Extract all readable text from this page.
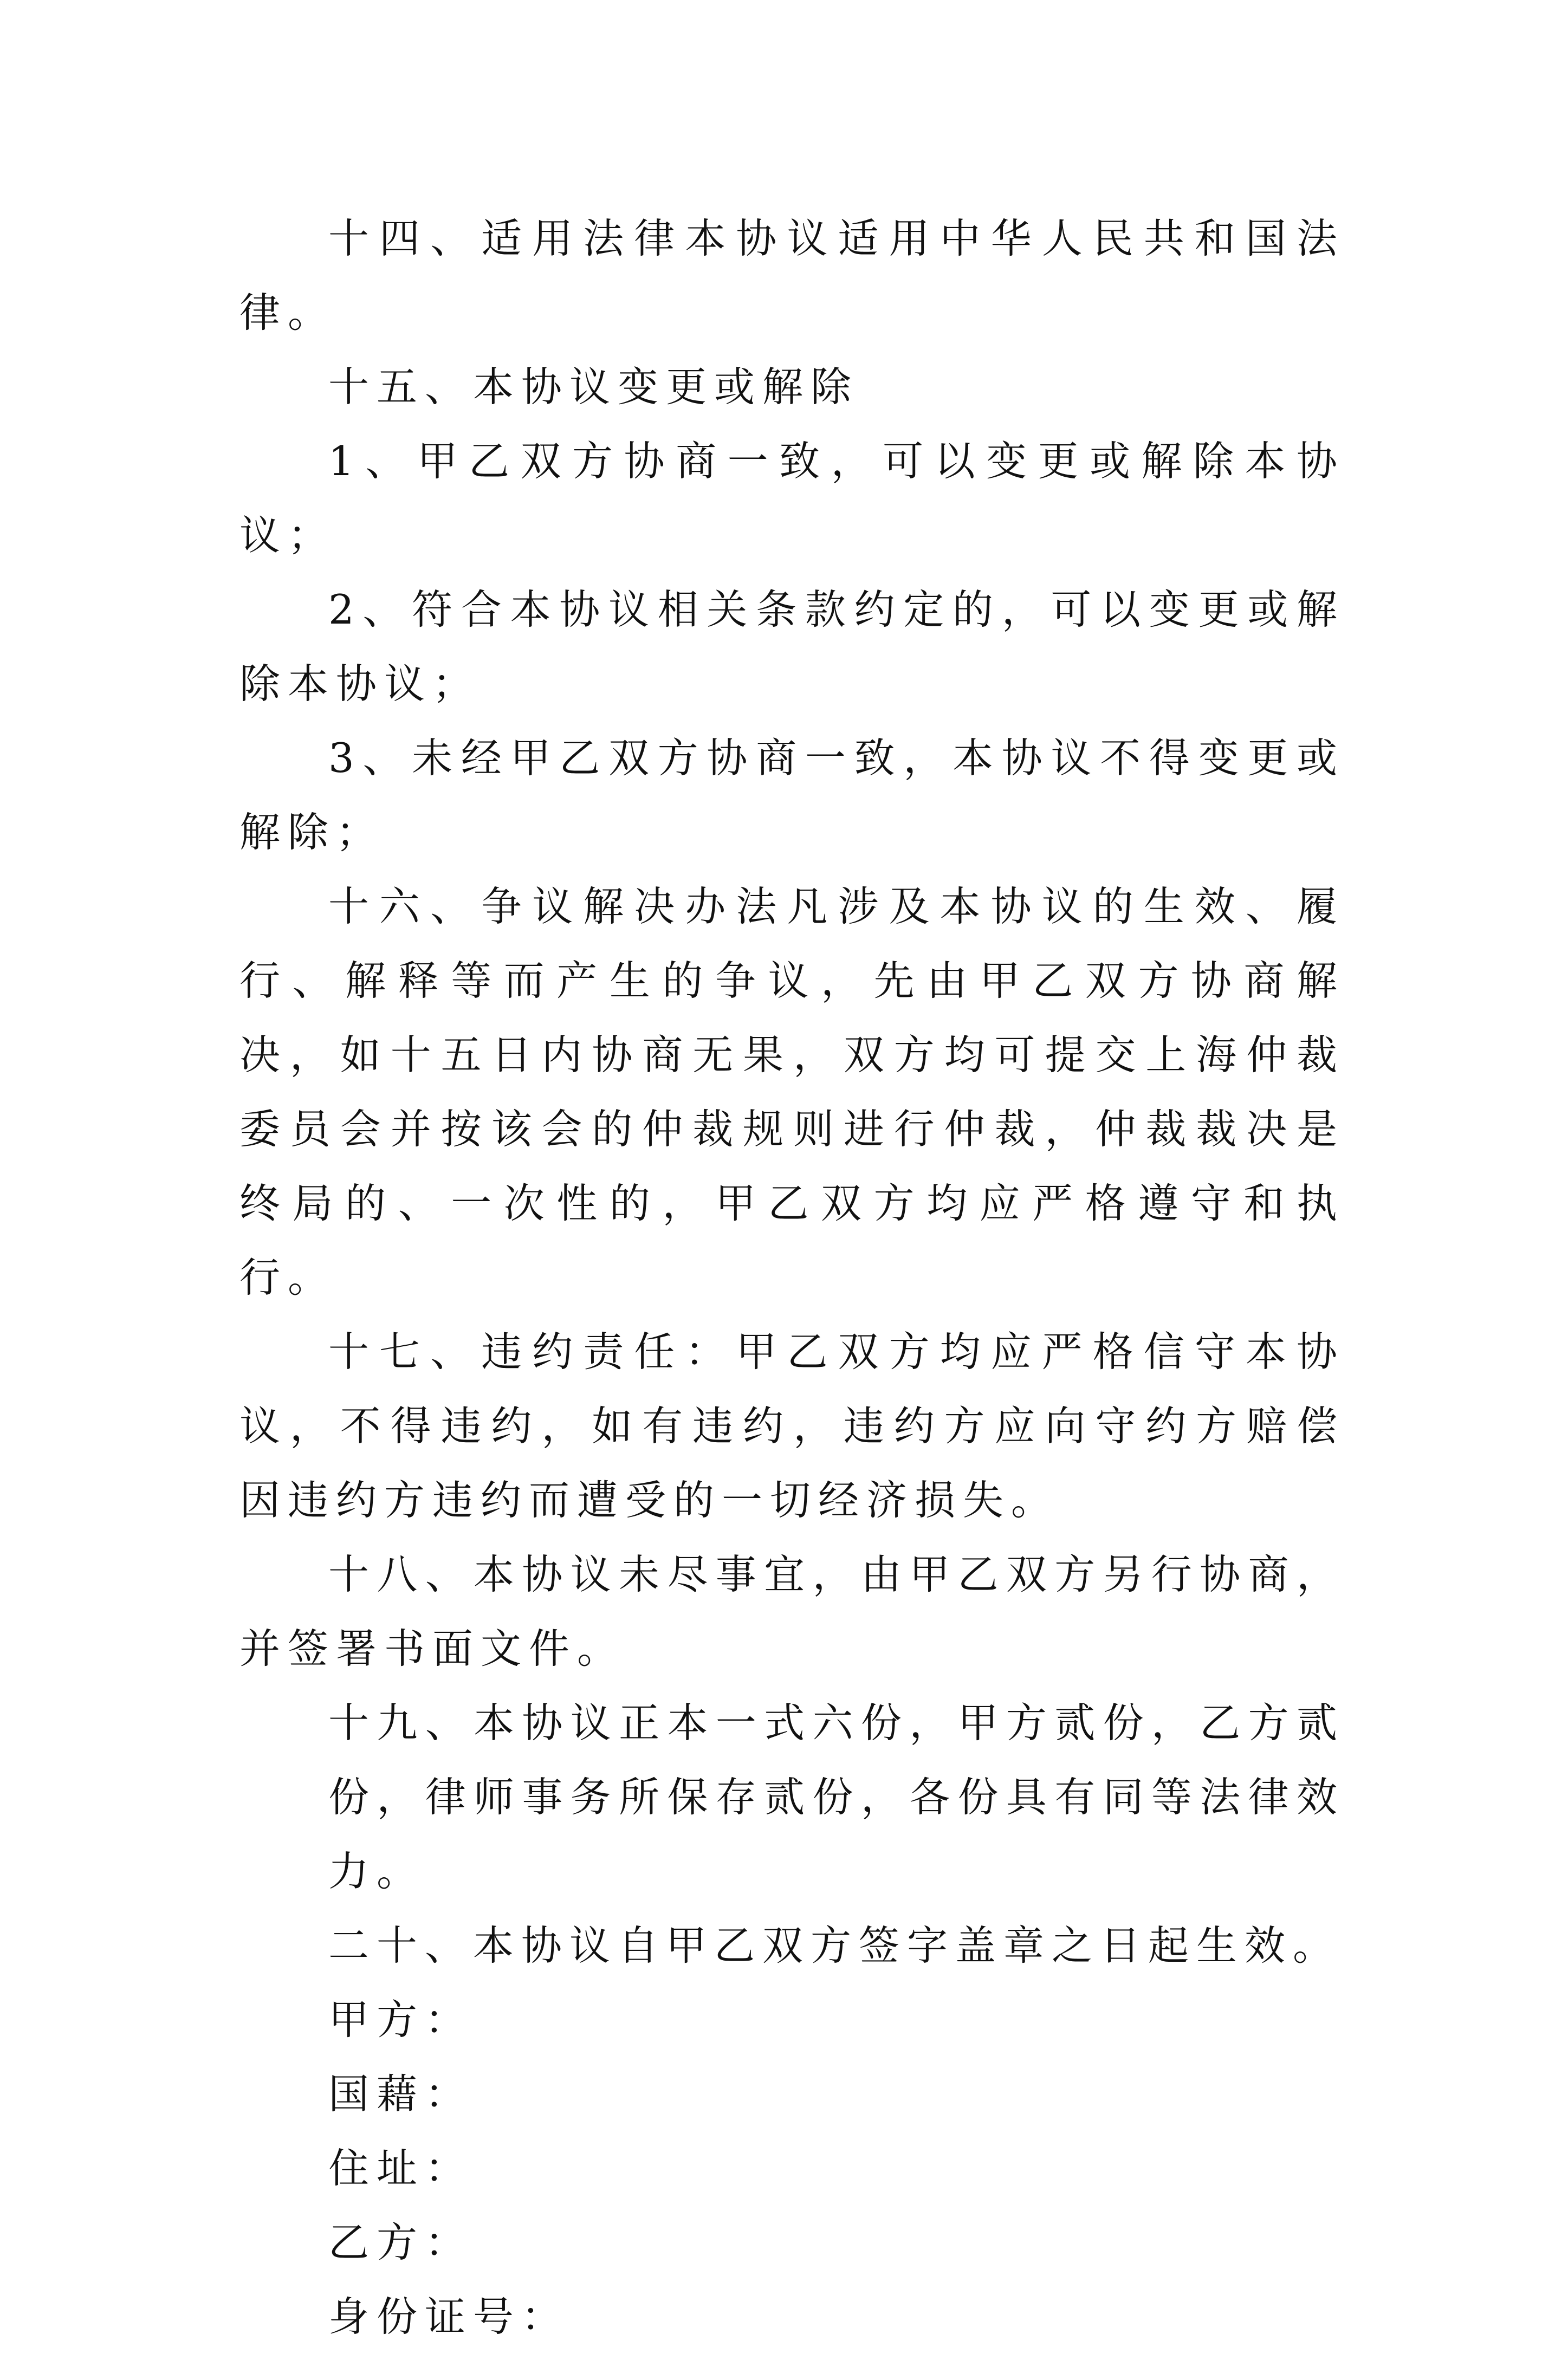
十四、适用法律本协议适用中华人民共和国法律。

十五、本协议变更或解除

1、甲乙双方协商一致，可以变更或解除本协议；

2、符合本协议相关条款约定的，可以变更或解除本协议；

3、未经甲乙双方协商一致，本协议不得变更或解除；

十六、争议解决办法凡涉及本协议的生效、履行、解释等而产生的争议，先由甲乙双方协商解决，如十五日内协商无果，双方均可提交上海仲裁委员会并按该会的仲裁规则进行仲裁，仲裁裁决是终局的、一次性的，甲乙双方均应严格遵守和执行。

十七、违约责任：甲乙双方均应严格信守本协议，不得违约，如有违约，违约方应向守约方赔偿因违约方违约而遭受的一切经济损失。

十八、本协议未尽事宜，由甲乙双方另行协商，并签署书面文件。

十九、本协议正本一式六份，甲方贰份，乙方贰份，律师事务所保存贰份，各份具有同等法律效力。

二十、本协议自甲乙双方签字盖章之日起生效。

甲方：

国藉：

住址：

乙方：

身份证号：
